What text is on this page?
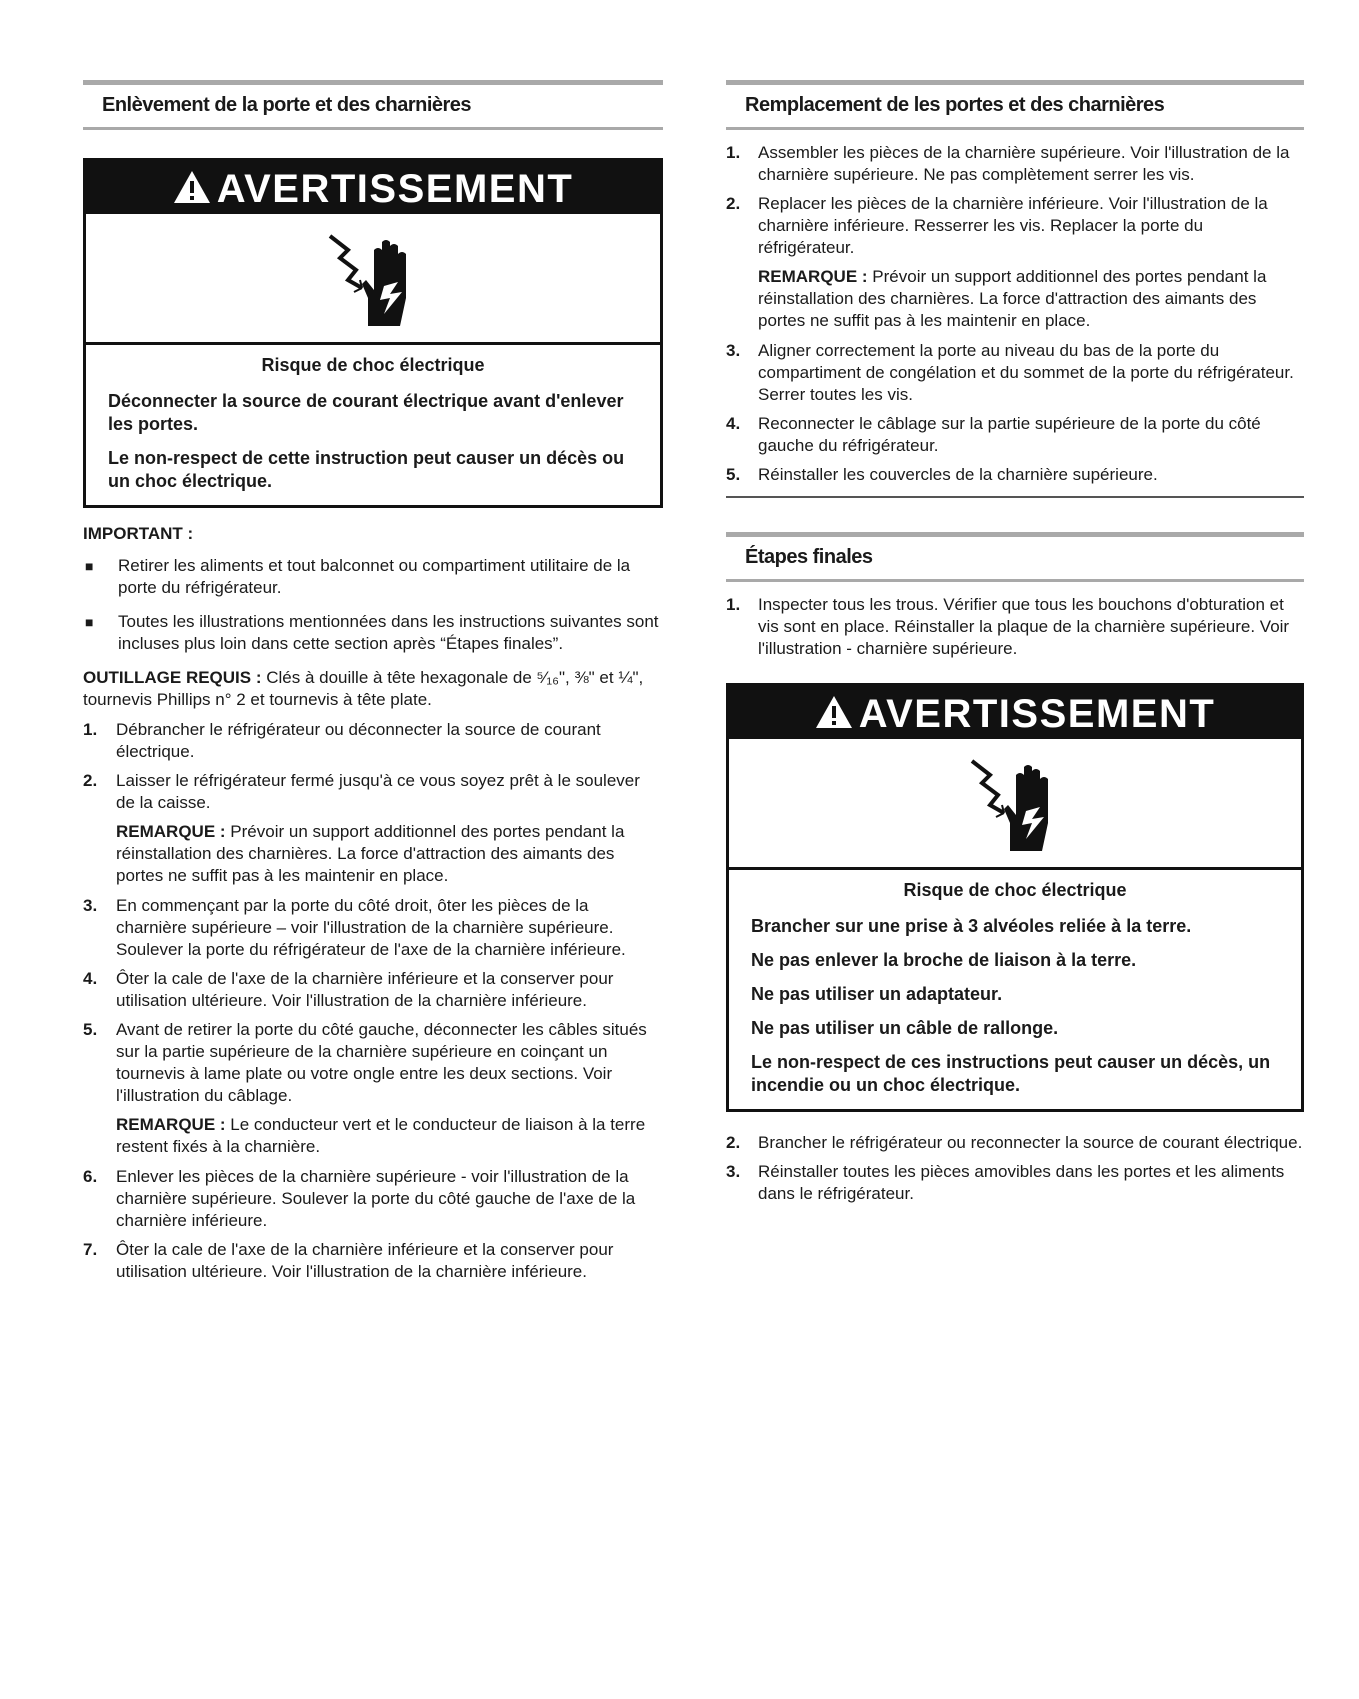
Enlèvement de la porte et des charnières
AVERTISSEMENT
Risque de choc électrique
Déconnecter la source de courant électrique avant d'enlever les portes.
Le non-respect de cette instruction peut causer un décès ou un choc électrique.
IMPORTANT :
■	Retirer les aliments et tout balconnet ou compartiment utilitaire de la porte du réfrigérateur.
■	Toutes les illustrations mentionnées dans les instructions suivantes sont incluses plus loin dans cette section après “Étapes finales”.
OUTILLAGE REQUIS : Clés à douille à tête hexagonale de ⁵⁄₁₆", ⅜" et ¼", tournevis Phillips n° 2 et tournevis à tête plate.
1.	Débrancher le réfrigérateur ou déconnecter la source de courant électrique.
2.	Laisser le réfrigérateur fermé jusqu'à ce vous soyez prêt à le soulever de la caisse.
REMARQUE : Prévoir un support additionnel des portes pendant la réinstallation des charnières. La force d'attraction des aimants des portes ne suffit pas à les maintenir en place.
3.	En commençant par la porte du côté droit, ôter les pièces de la charnière supérieure – voir l'illustration de la charnière supérieure. Soulever la porte du réfrigérateur de l'axe de la charnière inférieure.
4.	Ôter la cale de l'axe de la charnière inférieure et la conserver pour utilisation ultérieure. Voir l'illustration de la charnière inférieure.
5.	Avant de retirer la porte du côté gauche, déconnecter les câbles situés sur la partie supérieure de la charnière supérieure en coinçant un tournevis à lame plate ou votre ongle entre les deux sections. Voir l'illustration du câblage.
REMARQUE : Le conducteur vert et le conducteur de liaison à la terre restent fixés à la charnière.
6.	Enlever les pièces de la charnière supérieure - voir l'illustration de la charnière supérieure. Soulever la porte du côté gauche de l'axe de la charnière inférieure.
7.	Ôter la cale de l'axe de la charnière inférieure et la conserver pour utilisation ultérieure. Voir l'illustration de la charnière inférieure.
Remplacement de les portes et des charnières
1.	Assembler les pièces de la charnière supérieure. Voir l'illustration de la charnière supérieure. Ne pas complètement serrer les vis.
2.	Replacer les pièces de la charnière inférieure. Voir l'illustration de la charnière inférieure. Resserrer les vis. Replacer la porte du réfrigérateur.
REMARQUE : Prévoir un support additionnel des portes pendant la réinstallation des charnières. La force d'attraction des aimants des portes ne suffit pas à les maintenir en place.
3.	Aligner correctement la porte au niveau du bas de la porte du compartiment de congélation et du sommet de la porte du réfrigérateur. Serrer toutes les vis.
4.	Reconnecter le câblage sur la partie supérieure de la porte du côté gauche du réfrigérateur.
5.	Réinstaller les couvercles de la charnière supérieure.
Étapes finales
1.	Inspecter tous les trous. Vérifier que tous les bouchons d'obturation et vis sont en place. Réinstaller la plaque de la charnière supérieure. Voir l'illustration - charnière supérieure.
AVERTISSEMENT
Risque de choc électrique
Brancher sur une prise à 3 alvéoles reliée à la terre.
Ne pas enlever la broche de liaison à la terre.
Ne pas utiliser un adaptateur.
Ne pas utiliser un câble de rallonge.
Le non-respect de ces instructions peut causer un décès, un incendie ou un choc électrique.
2.	Brancher le réfrigérateur ou reconnecter la source de courant électrique.
3.	Réinstaller toutes les pièces amovibles dans les portes et les aliments dans le réfrigérateur.
